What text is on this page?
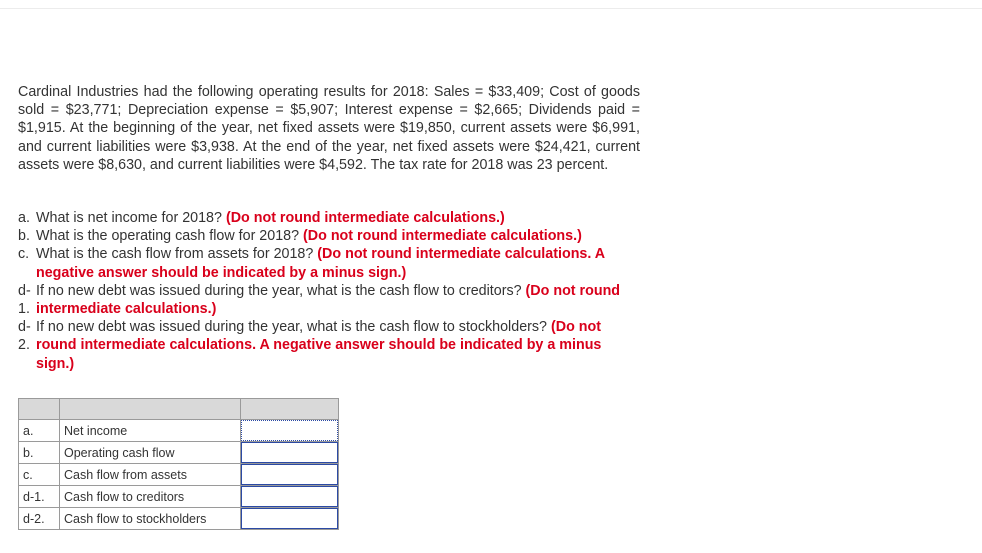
Cardinal Industries had the following operating results for 2018: Sales = $33,409; Cost of goods sold = $23,771; Depreciation expense = $5,907; Interest expense = $2,665; Dividends paid = $1,915. At the beginning of the year, net fixed assets were $19,850, current assets were $6,991, and current liabilities were $3,938. At the end of the year, net fixed assets were $24,421, current assets were $8,630, and current liabilities were $4,592. The tax rate for 2018 was 23 percent.

a. What is net income for 2018? (Do not round intermediate calculations.)
b. What is the operating cash flow for 2018? (Do not round intermediate calculations.)
c. What is the cash flow from assets for 2018? (Do not round intermediate calculations. A negative answer should be indicated by a minus sign.)
d-
1.
If no new debt was issued during the year, what is the cash flow to creditors? (Do not round intermediate calculations.)
d-
2.
If no new debt was issued during the year, what is the cash flow to stockholders? (Do not round intermediate calculations. A negative answer should be indicated by a minus sign.)

a.	Net income	

b.	Operating cash flow	

c.	Cash flow from assets	

d-1.	Cash flow to creditors	

d-2.	Cash flow to stockholders	
